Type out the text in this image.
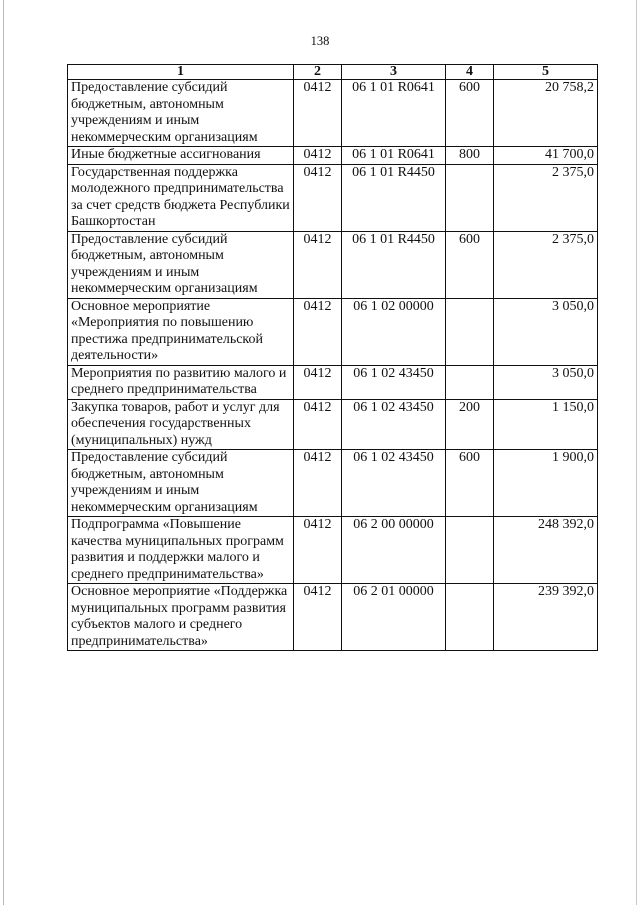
138
1	2	3	4	5
Предоставление субсидий бюджетным, автономным учреждениям и иным некоммерческим организациям	0412	06 1 01 R0641	600	20 758,2
Иные бюджетные ассигнования	0412	06 1 01 R0641	800	41 700,0
Государственная поддержка молодежного предпринимательства за счет средств бюджета Республики Башкортостан	0412	06 1 01 R4450		2 375,0
Предоставление субсидий бюджетным, автономным учреждениям и иным некоммерческим организациям	0412	06 1 01 R4450	600	2 375,0
Основное мероприятие «Мероприятия по повышению престижа предпринимательской деятельности»	0412	06 1 02 00000		3 050,0
Мероприятия по развитию малого и среднего предпринимательства	0412	06 1 02 43450		3 050,0
Закупка товаров, работ и услуг для обеспечения государственных (муниципальных) нужд	0412	06 1 02 43450	200	1 150,0
Предоставление субсидий бюджетным, автономным учреждениям и иным некоммерческим организациям	0412	06 1 02 43450	600	1 900,0
Подпрограмма «Повышение качества муниципальных программ развития и поддержки малого и среднего предпринимательства»	0412	06 2 00 00000		248 392,0
Основное мероприятие «Поддержка муниципальных программ развития субъектов малого и среднего предпринимательства»	0412	06 2 01 00000		239 392,0
